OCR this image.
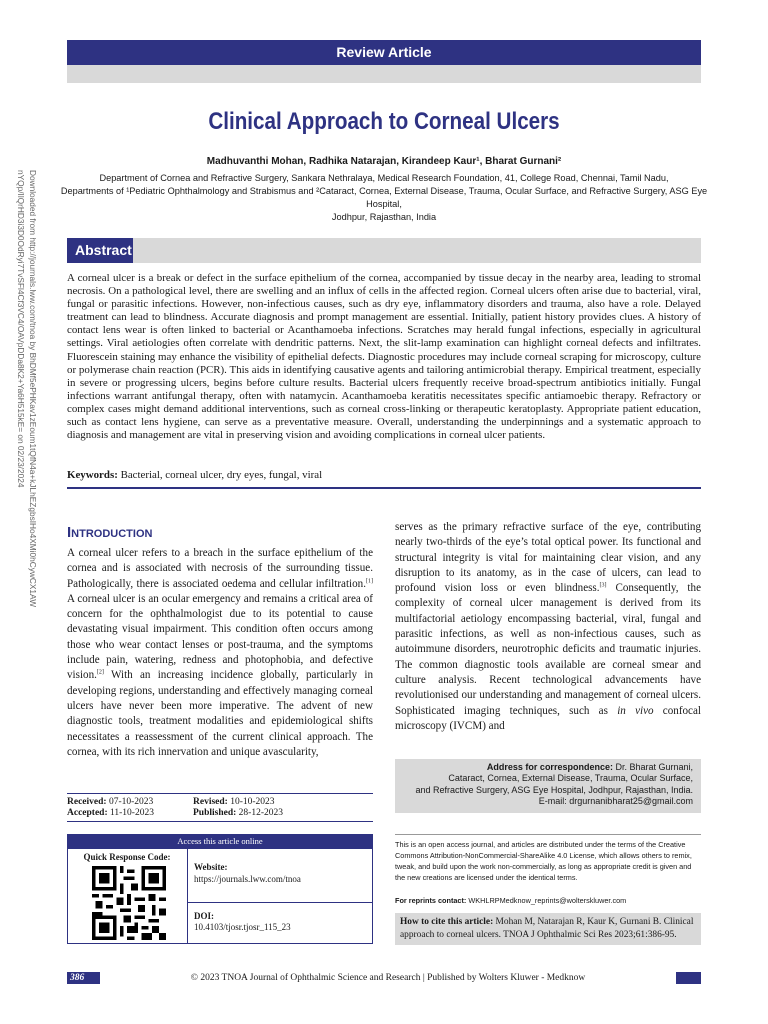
Review Article
Clinical Approach to Corneal Ulcers
Madhuvanthi Mohan, Radhika Natarajan, Kirandeep Kaur¹, Bharat Gurnani²
Department of Cornea and Refractive Surgery, Sankara Nethralaya, Medical Research Foundation, 41, College Road, Chennai, Tamil Nadu,
Departments of ¹Pediatric Ophthalmology and Strabismus and ²Cataract, Cornea, External Disease, Trauma, Ocular Surface, and Refractive Surgery, ASG Eye Hospital,
Jodhpur, Rajasthan, India
Downloaded from http://journals.lww.com/tnoa by BhDMf5ePHKav1zEoum1tQfN4a+kJLhEZgbsIHo4XMi0hCywCX1AW
nYQp/IlQrHD3i3D0OdRyi7TvSFl4Cf3VC4/OAVpDDa8K2+Ya6H515kE= on 02/23/2024	Abstract
A corneal ulcer is a break or defect in the surface epithelium of the cornea, accompanied by tissue decay in the nearby area, leading to stromal necrosis. On a pathological level, there are swelling and an influx of cells in the affected region. Corneal ulcers often arise due to bacterial, viral, fungal or parasitic infections. However, non-infectious causes, such as dry eye, inflammatory disorders and trauma, also have a role. Delayed treatment can lead to blindness. Accurate diagnosis and prompt management are essential. Initially, patient history provides clues. A history of contact lens wear is often linked to bacterial or Acanthamoeba infections. Scratches may herald fungal infections, especially in agricultural settings. Viral aetiologies often correlate with dendritic patterns. Next, the slit-lamp examination can highlight corneal defects and infiltrates. Fluorescein staining may enhance the visibility of epithelial defects. Diagnostic procedures may include corneal scraping for microscopy, culture or polymerase chain reaction (PCR). This aids in identifying causative agents and tailoring antimicrobial therapy. Empirical treatment, especially in severe or progressing ulcers, begins before culture results. Bacterial ulcers frequently receive broad-spectrum antibiotics initially. Fungal infections warrant antifungal therapy, often with natamycin. Acanthamoeba keratitis necessitates specific antiamoebic therapy. Refractory or complex cases might demand additional interventions, such as corneal cross-linking or therapeutic keratoplasty. Appropriate patient education, such as contact lens hygiene, can serve as a preventative measure. Overall, understanding the underpinnings and a systematic approach to diagnosis and management are vital in preserving vision and avoiding complications in corneal ulcer patients.
Keywords: Bacterial, corneal ulcer, dry eyes, fungal, viral
INTRODUCTION
A corneal ulcer refers to a breach in the surface epithelium of the cornea and is associated with necrosis of the surrounding tissue. Pathologically, there is associated oedema and cellular infiltration.[1] A corneal ulcer is an ocular emergency and remains a critical area of concern for the ophthalmologist due to its potential to cause devastating visual impairment. This condition often occurs among those who wear contact lenses or post-trauma, and the symptoms include pain, watering, redness and photophobia, and defective vision.[2] With an increasing incidence globally, particularly in developing regions, understanding and effectively managing corneal ulcers have never been more imperative. The advent of new diagnostic tools, treatment modalities and epidemiological shifts necessitates a reassessment of the current clinical approach. The cornea, with its rich innervation and unique avascularity,
serves as the primary refractive surface of the eye, contributing nearly two-thirds of the eye’s total optical power. Its functional and structural integrity is vital for maintaining clear vision, and any disruption to its anatomy, as in the case of ulcers, can lead to profound vision loss or even blindness.[3] Consequently, the complexity of corneal ulcer management is derived from its multifactorial aetiology encompassing bacterial, viral, fungal and parasitic infections, as well as non-infectious causes, such as autoimmune disorders, neurotrophic deficits and traumatic injuries. The common diagnostic tools available are corneal smear and culture analysis. Recent technological advancements have revolutionised our understanding and management of corneal ulcers. Sophisticated imaging techniques, such as in vivo confocal microscopy (IVCM) and
Address for correspondence: Dr. Bharat Gurnani,
Cataract, Cornea, External Disease, Trauma, Ocular Surface,
and Refractive Surgery, ASG Eye Hospital, Jodhpur, Rajasthan, India.
E-mail: drgurnanibharat25@gmail.com
Received: 07-10-2023	Revised: 10-10-2023
Accepted: 11-10-2023	Published: 28-12-2023
Access this article online
Quick Response Code:
Website:
https://journals.lww.com/tnoa
DOI:
10.4103/tjosr.tjosr_115_23
This is an open access journal, and articles are distributed under the terms of the Creative Commons Attribution-NonCommercial-ShareAlike 4.0 License, which allows others to remix, tweak, and build upon the work non-commercially, as long as appropriate credit is given and the new creations are licensed under the identical terms.
For reprints contact: WKHLRPMedknow_reprints@wolterskluwer.com
How to cite this article: Mohan M, Natarajan R, Kaur K, Gurnani B. Clinical approach to corneal ulcers. TNOA J Ophthalmic Sci Res 2023;61:386-95.
© 2023 TNOA Journal of Ophthalmic Science and Research | Published by Wolters Kluwer - Medknow
386
